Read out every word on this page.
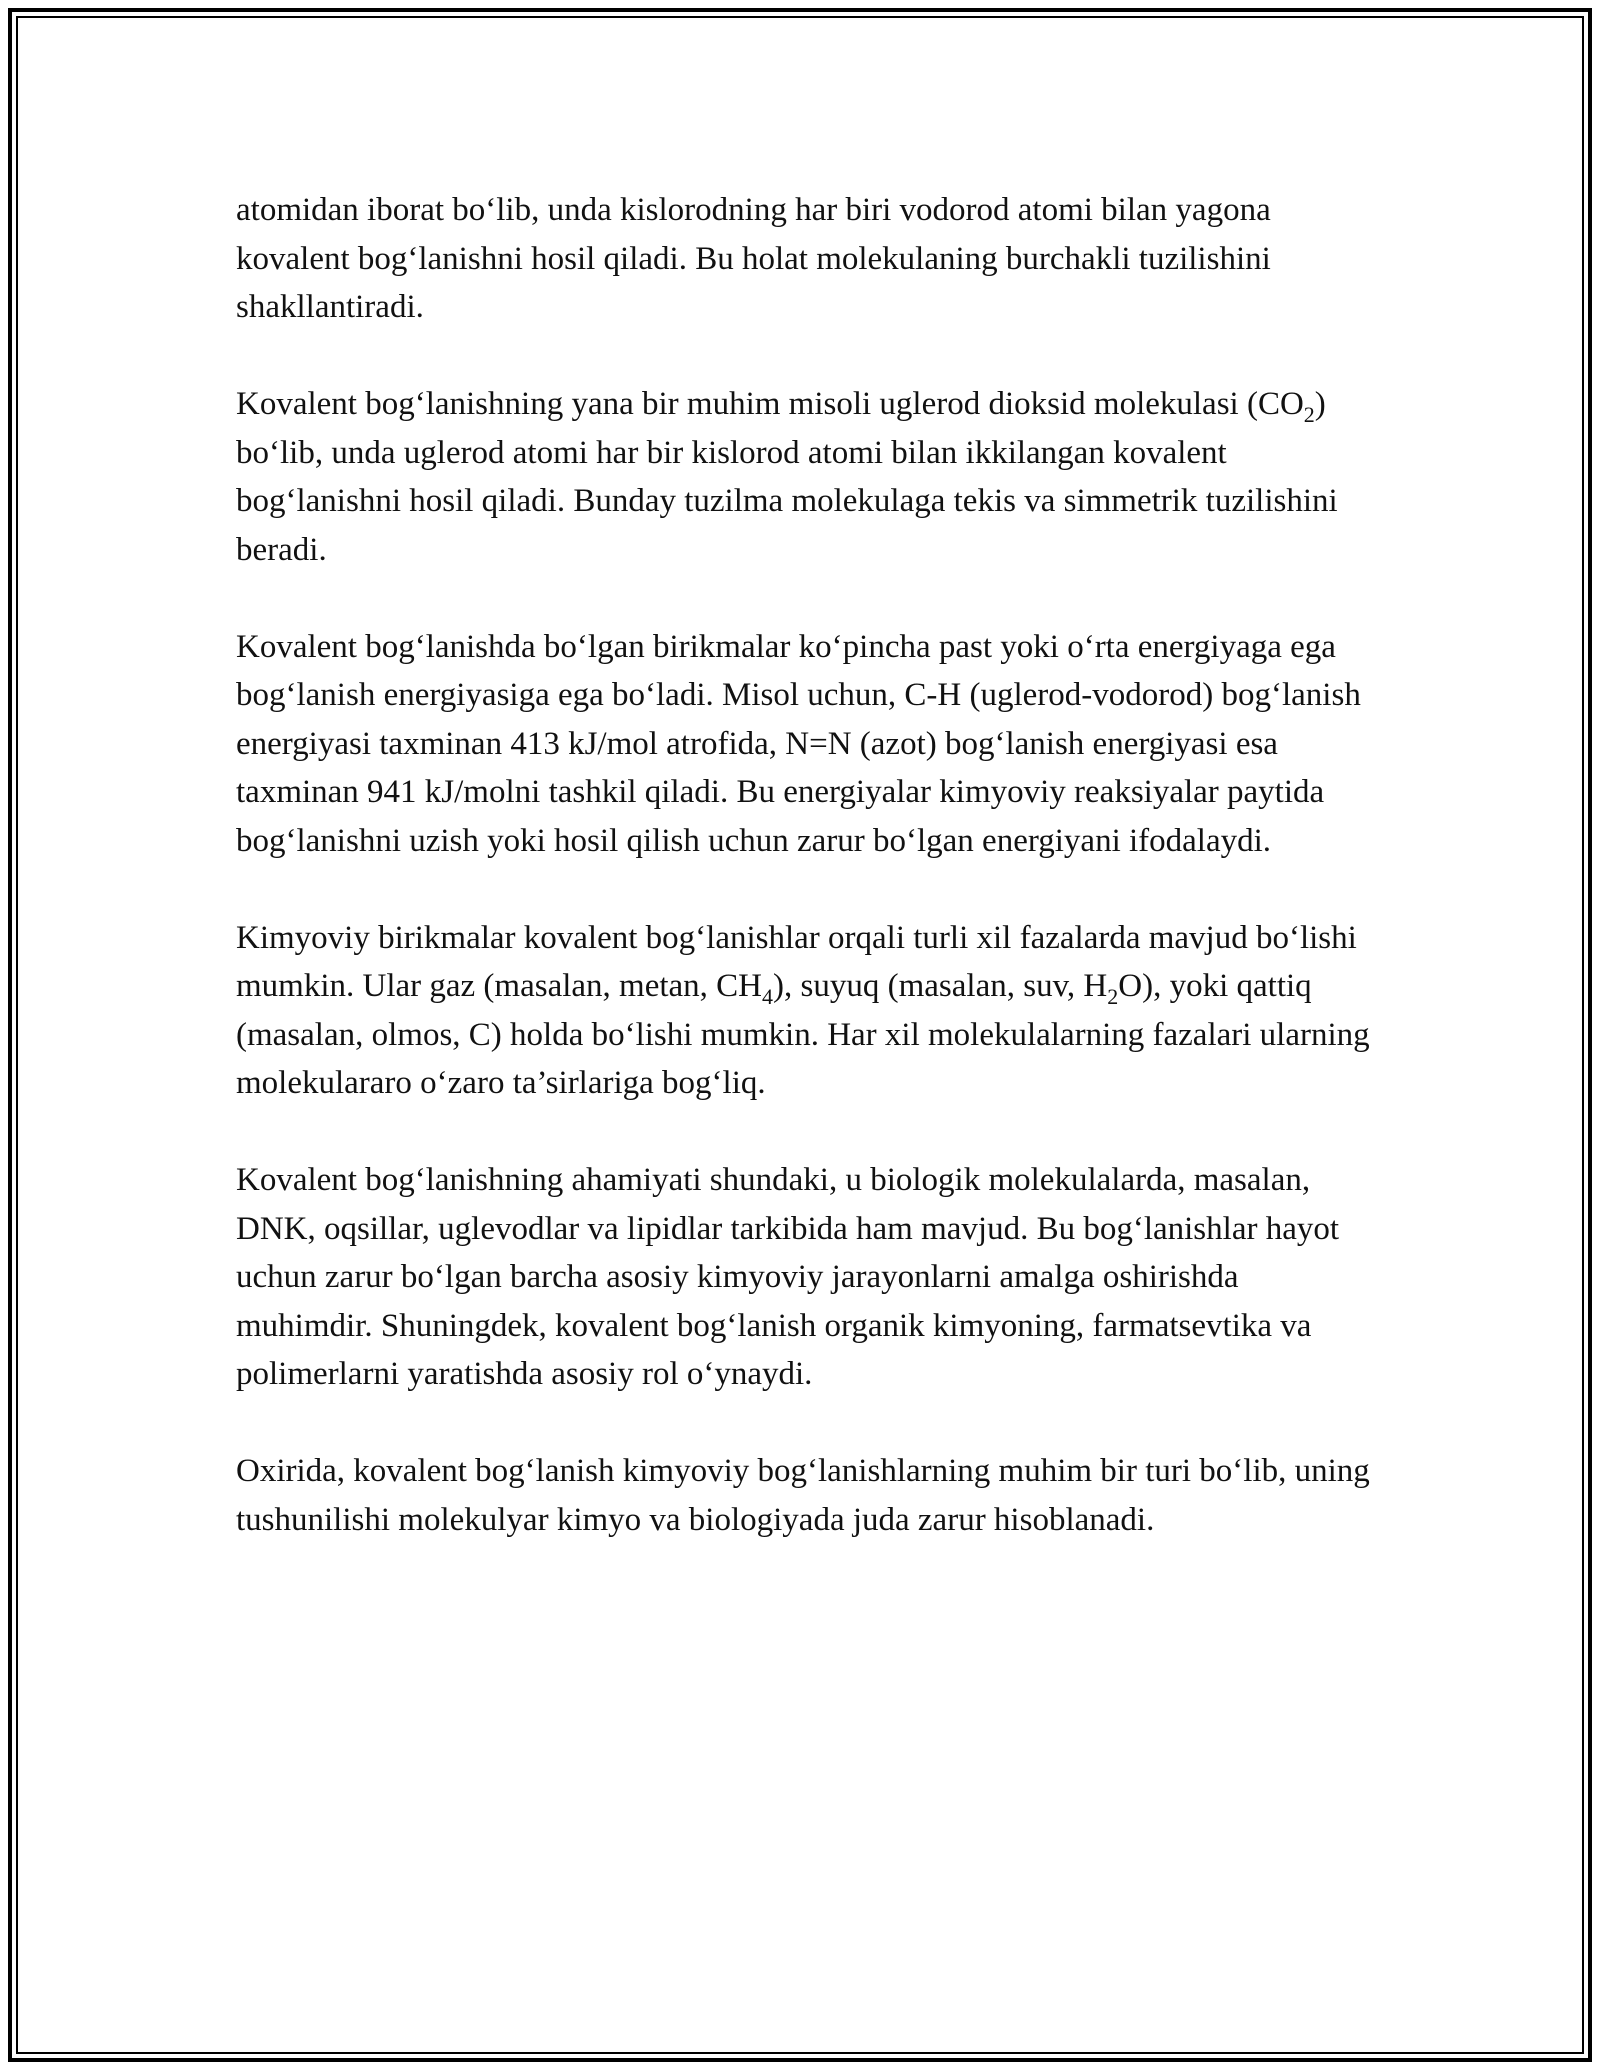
atomidan iborat bo‘lib, unda kislorodning har biri vodorod atomi bilan yagona kovalent bog‘lanishni hosil qiladi. Bu holat molekulaning burchakli tuzilishini shakllantiradi.

Kovalent bog‘lanishning yana bir muhim misoli uglerod dioksid molekulasi $(CO_2)$ bo‘lib, unda uglerod atomi har bir kislorod atomi bilan ikkilangan kovalent bog‘lanishni hosil qiladi. Bunday tuzilma molekulaga tekis va simmetrik tuzilishini beradi.

Kovalent bog‘lanishda bo‘lgan birikmalar ko‘pincha past yoki o‘rta energiyaga ega bog‘lanish energiyasiga ega bo‘ladi. Misol uchun, C-H (uglerod-vodorod) bog‘lanish energiyasi taxminan 413 kJ/mol atrofida, N=N (azot) bog‘lanish energiyasi esa taxminan 941 kJ/molni tashkil qiladi. Bu energiyalar kimyoviy reaksiyalar paytida bog‘lanishni uzish yoki hosil qilish uchun zarur bo‘lgan energiyani ifodalaydi.

Kimyoviy birikmalar kovalent bog‘lanishlar orqali turli xil fazalarda mavjud bo‘lishi mumkin. Ular gaz (masalan, metan, $CH_4$), suyuq (masalan, suv, $H_2O$), yoki qattiq (masalan, olmos, C) holda bo‘lishi mumkin. Har xil molekulalarning fazalari ularning molekulararo o‘zaro ta’sirlariga bog‘liq.

Kovalent bog‘lanishning ahamiyati shundaki, u biologik molekulalarda, masalan, DNK, oqsillar, uglevodlar va lipidlar tarkibida ham mavjud. Bu bog‘lanishlar hayot uchun zarur bo‘lgan barcha asosiy kimyoviy jarayonlarni amalga oshirishda muhimdir. Shuningdek, kovalent bog‘lanish organik kimyoning, farmatsevtika va polimerlarni yaratishda asosiy rol o‘ynaydi.

Oxirida, kovalent bog‘lanish kimyoviy bog‘lanishlarning muhim bir turi bo‘lib, uning tushunilishi molekulyar kimyo va biologiyada juda zarur hisoblanadi.
